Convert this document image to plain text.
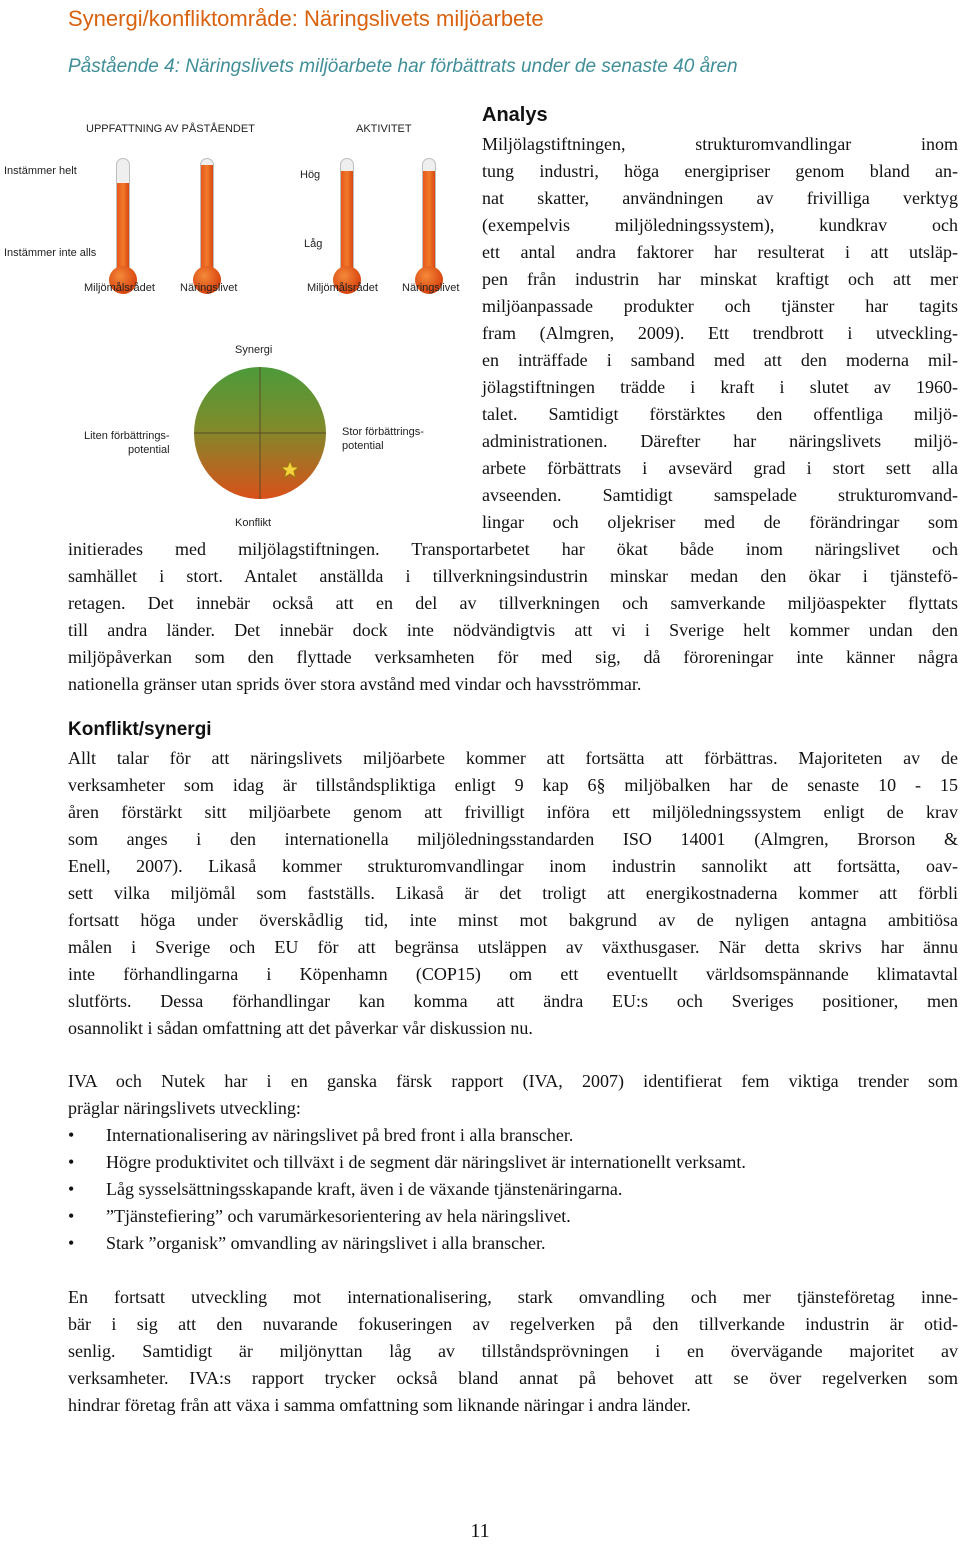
Synergi/konfliktområde: Näringslivets miljöarbete
Påstående 4: Näringslivets miljöarbete har förbättrats under de senaste 40 åren
UPPFATTNING AV PÅSTÅENDET	AKTIVITET
Instämmer helt
Instämmer inte alls
Hög
Låg
Miljömålsrådet Näringslivet	Miljömålsrådet Näringslivet
Synergi
Liten förbättrings-
potential
Stor förbättrings-
potential
Konflikt
Analys
Miljölagstiftningen, strukturomvandlingar inom
tung industri, höga energipriser genom bland an-
nat skatter, användningen av frivilliga verktyg
(exempelvis miljöledningssystem), kundkrav och
ett antal andra faktorer har resulterat i att utsläp-
pen från industrin har minskat kraftigt och att mer
miljöanpassade produkter och tjänster har tagits
fram (Almgren, 2009). Ett trendbrott i utveckling-
en inträffade i samband med att den moderna mil-
jölagstiftningen trädde i kraft i slutet av 1960-
talet. Samtidigt förstärktes den offentliga miljö-
administrationen. Därefter har näringslivets miljö-
arbete förbättrats i avsevärd grad i stort sett alla
avseenden. Samtidigt samspelade strukturomvand-
lingar och oljekriser med de förändringar som
initierades med miljölagstiftningen. Transportarbetet har ökat både inom näringslivet och
samhället i stort. Antalet anställda i tillverkningsindustrin minskar medan den ökar i tjänstefö-
retagen. Det innebär också att en del av tillverkningen och samverkande miljöaspekter flyttats
till andra länder. Det innebär dock inte nödvändigtvis att vi i Sverige helt kommer undan den
miljöpåverkan som den flyttade verksamheten för med sig, då föroreningar inte känner några
nationella gränser utan sprids över stora avstånd med vindar och havsströmmar.
Konflikt/synergi
Allt talar för att näringslivets miljöarbete kommer att fortsätta att förbättras. Majoriteten av de
verksamheter som idag är tillståndspliktiga enligt 9 kap 6§ miljöbalken har de senaste 10 - 15
åren förstärkt sitt miljöarbete genom att frivilligt införa ett miljöledningssystem enligt de krav
som anges i den internationella miljöledningsstandarden ISO 14001 (Almgren, Brorson &
Enell, 2007). Likaså kommer strukturomvandlingar inom industrin sannolikt att fortsätta, oav-
sett vilka miljömål som fastställs. Likaså är det troligt att energikostnaderna kommer att förbli
fortsatt höga under överskådlig tid, inte minst mot bakgrund av de nyligen antagna ambitiösa
målen i Sverige och EU för att begränsa utsläppen av växthusgaser. När detta skrivs har ännu
inte förhandlingarna i Köpenhamn (COP15) om ett eventuellt världsomspännande klimatavtal
slutförts. Dessa förhandlingar kan komma att ändra EU:s och Sveriges positioner, men
osannolikt i sådan omfattning att det påverkar vår diskussion nu.
IVA och Nutek har i en ganska färsk rapport (IVA, 2007) identifierat fem viktiga trender som
präglar näringslivets utveckling:
• Internationalisering av näringslivet på bred front i alla branscher.
• Högre produktivitet och tillväxt i de segment där näringslivet är internationellt verksamt.
• Låg sysselsättningsskapande kraft, även i de växande tjänstenäringarna.
• ”Tjänstefiering” och varumärkesorientering av hela näringslivet.
• Stark ”organisk” omvandling av näringslivet i alla branscher.
En fortsatt utveckling mot internationalisering, stark omvandling och mer tjänsteföretag inne-
bär i sig att den nuvarande fokuseringen av regelverken på den tillverkande industrin är otid-
senlig. Samtidigt är miljönyttan låg av tillståndsprövningen i en övervägande majoritet av
verksamheter. IVA:s rapport trycker också bland annat på behovet att se över regelverken som
hindrar företag från att växa i samma omfattning som liknande näringar i andra länder.
11
